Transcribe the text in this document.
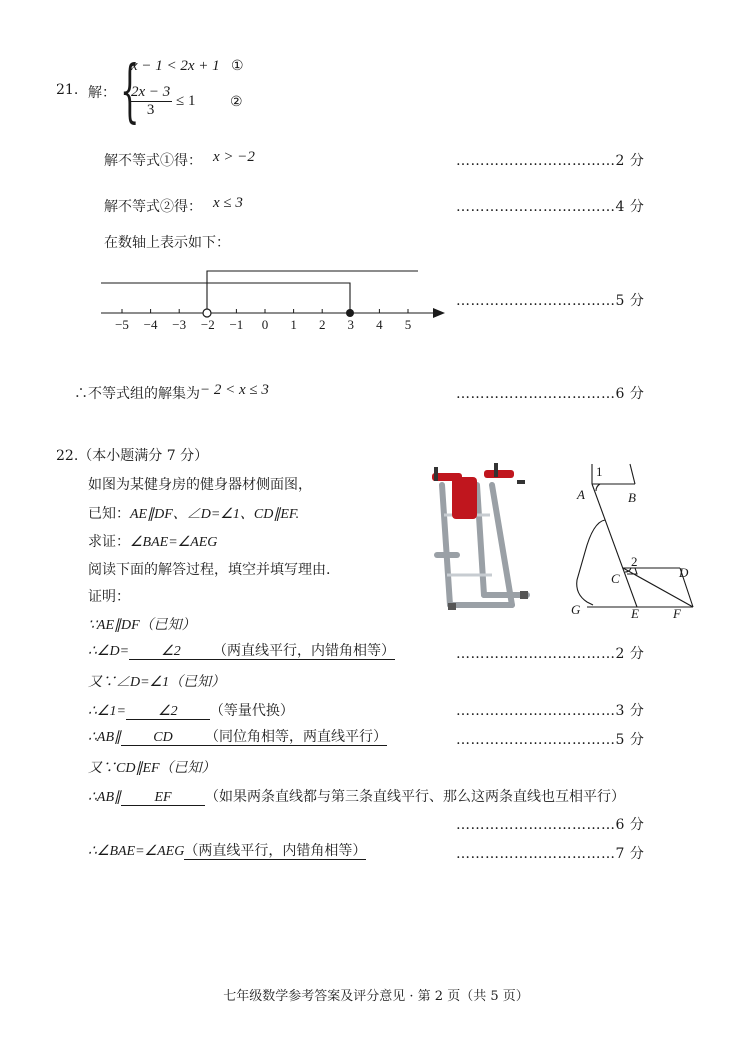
21. 解： {
x − 1 < 2x + 1 ①
$\frac{2x - 3}{3} \le 1$ ②
解不等式①得： x > −2	……………………………2 分
解不等式②得： x ≤ 3	……………………………4 分
在数轴上表示如下：
−5 −4 −3 −2 −1 0 1 2 3 4 5
……………………………5 分
∴不等式组的解集为 − 2 < x ≤ 3	……………………………6 分
22.（本小题满分 7 分）
如图为某健身房的健身器材侧面图，
已知：AE∥DF、∠D=∠1、CD∥EF.
求证：∠BAE=∠AEG
阅读下面的解答过程，填空并填写理由.
证明：
1
A	B
2
C	D
G	E	F
∵AE∥DF（已知）
∴∠D= ∠2 （两直线平行，内错角相等）	……………………………2 分
又∵∠D=∠1（已知）
∴∠1= ∠2 （等量代换）	……………………………3 分
∴AB∥ CD （同位角相等，两直线平行）	……………………………5 分
又∵CD∥EF（已知）
∴AB∥ EF （如果两条直线都与第三条直线平行、那么这两条直线也互相平行）
……………………………6 分
∴∠BAE=∠AEG（两直线平行，内错角相等）	……………………………7 分
七年级数学参考答案及评分意见 · 第 2 页（共 5 页）
